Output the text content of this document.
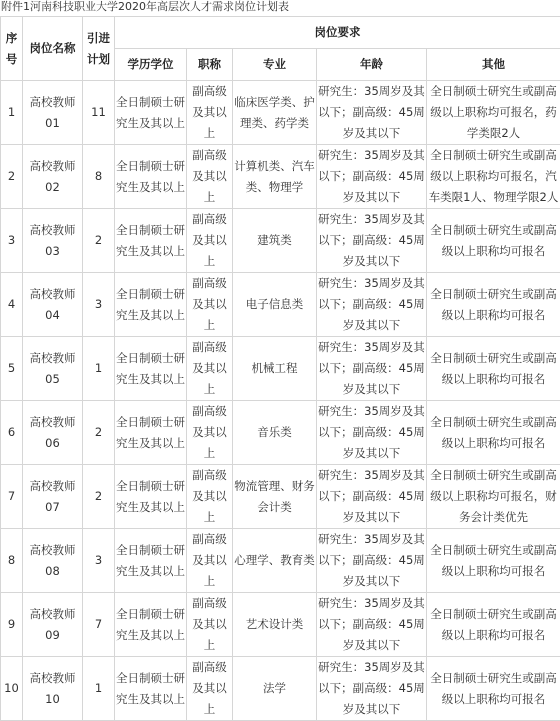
附件1河南科技职业大学2020年高层次人才需求岗位计划表
序号	岗位名称	引进计划	岗位要求				
			学历学位	职称	专业	年龄	其他
1	高校教师01	11	全日制硕士研究生及其以上	副高级及其以上	临床医学类、护理类、药学类	研究生：35周岁及其以下；副高级：45周岁及其以下	全日制硕士研究生或副高级以上职称均可报名，药学类限2人
2	高校教师02	8	全日制硕士研究生及其以上	副高级及其以上	计算机类、汽车类、物理学	研究生：35周岁及其以下；副高级：45周岁及其以下	全日制硕士研究生或副高级以上职称均可报名，汽车类限1人、物理学限2人
3	高校教师03	2	全日制硕士研究生及其以上	副高级及其以上	建筑类	研究生：35周岁及其以下；副高级：45周岁及其以下	全日制硕士研究生或副高级以上职称均可报名
4	高校教师04	3	全日制硕士研究生及其以上	副高级及其以上	电子信息类	研究生：35周岁及其以下；副高级：45周岁及其以下	全日制硕士研究生或副高级以上职称均可报名
5	高校教师05	1	全日制硕士研究生及其以上	副高级及其以上	机械工程	研究生：35周岁及其以下；副高级：45周岁及其以下	全日制硕士研究生或副高级以上职称均可报名
6	高校教师06	2	全日制硕士研究生及其以上	副高级及其以上	音乐类	研究生：35周岁及其以下；副高级：45周岁及其以下	全日制硕士研究生或副高级以上职称均可报名
7	高校教师07	2	全日制硕士研究生及其以上	副高级及其以上	物流管理、财务会计类	研究生：35周岁及其以下；副高级：45周岁及其以下	全日制硕士研究生或副高级以上职称均可报名，财务会计类优先
8	高校教师08	3	全日制硕士研究生及其以上	副高级及其以上	心理学、教育类	研究生：35周岁及其以下；副高级：45周岁及其以下	全日制硕士研究生或副高级以上职称均可报名
9	高校教师09	7	全日制硕士研究生及其以上	副高级及其以上	艺术设计类	研究生：35周岁及其以下；副高级：45周岁及其以下	全日制硕士研究生或副高级以上职称均可报名
10	高校教师10	1	全日制硕士研究生及其以上	副高级及其以上	法学	研究生：35周岁及其以下；副高级：45周岁及其以下	全日制硕士研究生或副高级以上职称均可报名
